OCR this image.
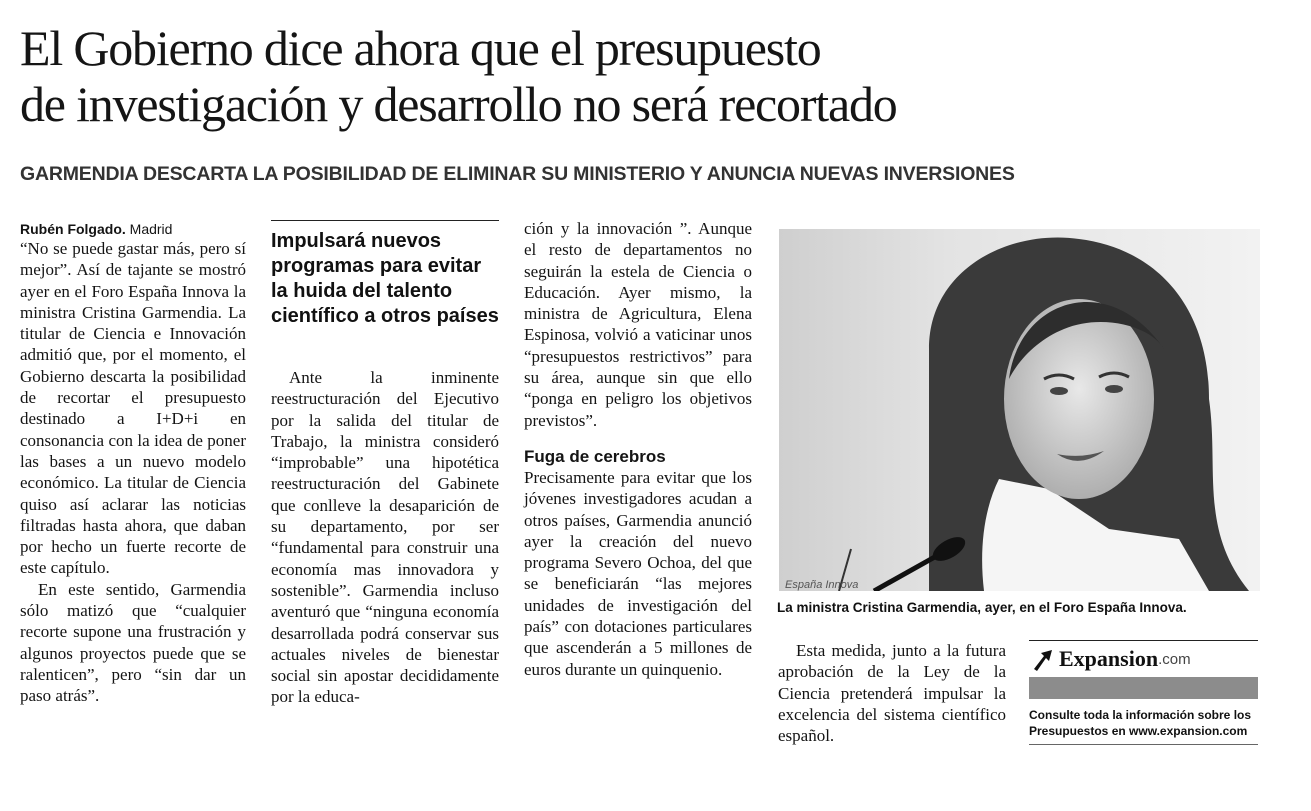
El Gobierno dice ahora que el presupuesto
de investigación y desarrollo no será recortado
GARMENDIA DESCARTA LA POSIBILIDAD DE ELIMINAR SU MINISTERIO Y ANUNCIA NUEVAS INVERSIONES
Rubén Folgado. Madrid

“No se puede gastar más, pero sí mejor”. Así de tajante se mostró ayer en el Foro España Innova la ministra Cristina Garmendia. La titular de Ciencia e Innovación admitió que, por el momento, el Gobierno descarta la posibilidad de recortar el presupuesto destinado a I+D+i en consonancia con la idea de poner las bases a un nuevo modelo económico. La titular de Ciencia quiso así aclarar las noticias filtradas hasta ahora, que daban por hecho un fuerte recorte de este capítulo.

En este sentido, Garmendia sólo matizó que “cualquier recorte supone una frustración y algunos proyectos puede que se ralenticen”, pero “sin dar un paso atrás”.

Impulsará nuevos programas para evitar la huida del talento científico a otros países

Ante la inminente reestructuración del Ejecutivo por la salida del titular de Trabajo, la ministra consideró “improbable” una hipotética reestructuración del Gabinete que conlleve la desaparición de su departamento, por ser “fundamental para construir una economía mas innovadora y sostenible”. Garmendia incluso aventuró que “ninguna economía desarrollada podrá conservar sus actuales niveles de bienestar social sin apostar decididamente por la educa-

ción y la innovación ”. Aunque el resto de departamentos no seguirán la estela de Ciencia o Educación. Ayer mismo, la ministra de Agricultura, Elena Espinosa, volvió a vaticinar unos “presupuestos restrictivos” para su área, aunque sin que ello “ponga en peligro los objetivos previstos”.

Fuga de cerebros

Precisamente para evitar que los jóvenes investigadores acudan a otros países, Garmendia anunció ayer la creación del nuevo programa Severo Ochoa, del que se beneficiarán “las mejores unidades de investigación del país” con dotaciones particulares que ascenderán a 5 millones de euros durante un quinquenio.

España Innova
La ministra Cristina Garmendia, ayer, en el Foro España Innova.

Esta medida, junto a la futura aprobación de la Ley de la Ciencia pretenderá impulsar la excelencia del sistema científico español.

Expansion .com
Consulte toda la información sobre los
Presupuestos en www.expansion.com
